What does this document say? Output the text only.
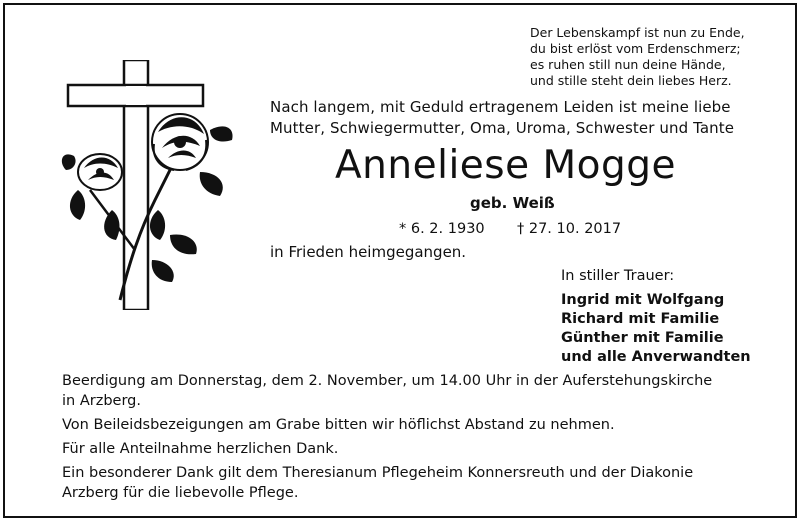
Der Lebenskampf ist nun zu Ende,
du bist erlöst vom Erdenschmerz;
es ruhen still nun deine Hände,
und stille steht dein liebes Herz.
Nach langem, mit Geduld ertragenem Leiden ist meine liebe
Mutter, Schwiegermutter, Oma, Uroma, Schwester und Tante
Anneliese Mogge
geb. Weiß
* 6. 2. 1930 † 27. 10. 2017
in Frieden heimgegangen.
In stiller Trauer:
Ingrid mit Wolfgang
Richard mit Familie
Günther mit Familie
und alle Anverwandten
Beerdigung am Donnerstag, dem 2. November, um 14.00 Uhr in der Auferstehungskirche
in Arzberg.
Von Beileidsbezeigungen am Grabe bitten wir höflichst Abstand zu nehmen.
Für alle Anteilnahme herzlichen Dank.
Ein besonderer Dank gilt dem Theresianum Pflegeheim Konnersreuth und der Diakonie
Arzberg für die liebevolle Pflege.
